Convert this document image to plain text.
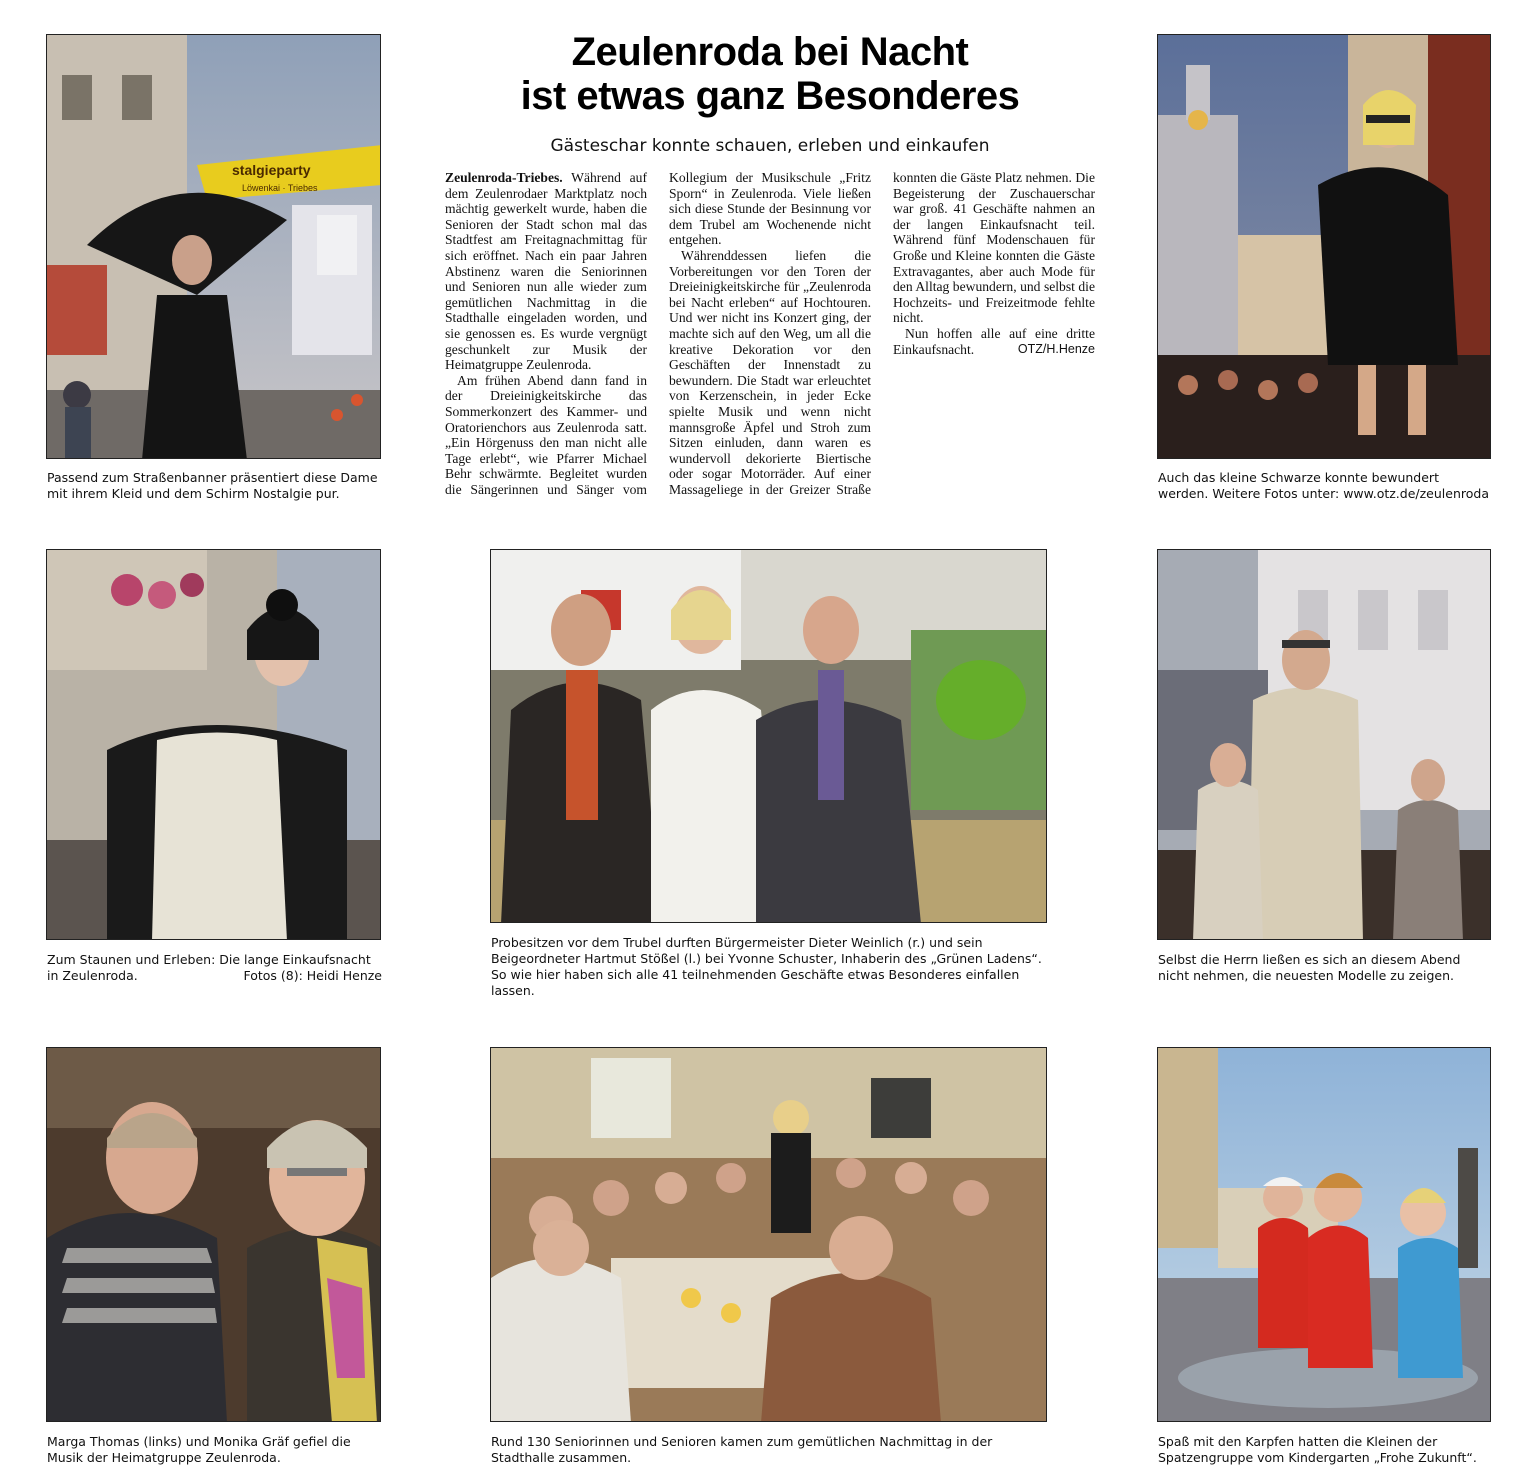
Zeulenroda bei Nacht
ist etwas ganz Besonderes
Gästeschar konnte schauen, erleben und einkaufen

Zeulenroda-Triebes. Während auf dem Zeulenrodaer Marktplatz noch mächtig gewerkelt wurde, haben die Senioren der Stadt schon mal das Stadtfest am Freitagnachmittag für sich eröffnet. Nach ein paar Jahren Abstinenz waren die Seniorinnen und Senioren nun alle wieder zum gemütlichen Nachmittag in die Stadthalle eingeladen worden, und sie genossen es. Es wurde vergnügt geschunkelt zur Musik der Heimatgruppe Zeulenroda.

Am frühen Abend dann fand in der Dreieinigkeitskirche das Sommerkonzert des Kammer- und Oratorienchors aus Zeulenroda satt. „Ein Hörgenuss den man nicht alle Tage erlebt“, wie Pfarrer Michael Behr schwärmte. Begleitet wurden die Sängerinnen und Sänger vom Kollegium der Musikschule „Fritz Sporn“ in Zeulenroda. Viele ließen sich diese Stunde der Besinnung vor dem Trubel am Wochenende nicht entgehen.

Währenddessen liefen die Vorbereitungen vor den Toren der Dreieinigkeitskirche für „Zeulenroda bei Nacht erleben“ auf Hochtouren. Und wer nicht ins Konzert ging, der machte sich auf den Weg, um all die kreative Dekoration vor den Geschäften der Innenstadt zu bewundern. Die Stadt war erleuchtet von Kerzenschein, in jeder Ecke spielte Musik und wenn nicht mannsgroße Äpfel und Stroh zum Sitzen einluden, dann waren es wundervoll dekorierte Biertische oder sogar Motorräder. Auf einer Massageliege in der Greizer Straße konnten die Gäste Platz nehmen. Die Begeisterung der Zuschauerschar war groß. 41 Geschäfte nahmen an der langen Einkaufsnacht teil. Während fünf Modenschauen für Große und Kleine konnten die Gäste Extravagantes, aber auch Mode für den Alltag bewundern, und selbst die Hochzeits- und Freizeitmode fehlte nicht.

Nun hoffen alle auf eine dritte Einkaufsnacht.	OTZ/H.Henze

stalgieparty
Löwenkai · Triebes
Passend zum Straßenbanner präsentiert diese Dame mit ihrem Kleid und dem Schirm Nostalgie pur.
Auch das kleine Schwarze konnte bewundert werden. Weitere Fotos unter: www.otz.de/zeulenroda
Zum Staunen und Erleben: Die lange Einkaufsnacht in Zeulenroda.	Fotos (8): Heidi Henze
Probesitzen vor dem Trubel durften Bürgermeister Dieter Weinlich (r.) und sein Beigeordneter Hartmut Stößel (l.) bei Yvonne Schuster, Inhaberin des „Grünen Ladens“. So wie hier haben sich alle 41 teilnehmenden Geschäfte etwas Besonderes einfallen lassen.
Selbst die Herrn ließen es sich an diesem Abend nicht nehmen, die neuesten Modelle zu zeigen.
Marga Thomas (links) und Monika Gräf gefiel die Musik der Heimatgruppe Zeulenroda.
Rund 130 Seniorinnen und Senioren kamen zum gemütlichen Nachmittag in der Stadthalle zusammen.
Spaß mit den Karpfen hatten die Kleinen der Spatzengruppe vom Kindergarten „Frohe Zukunft“.
